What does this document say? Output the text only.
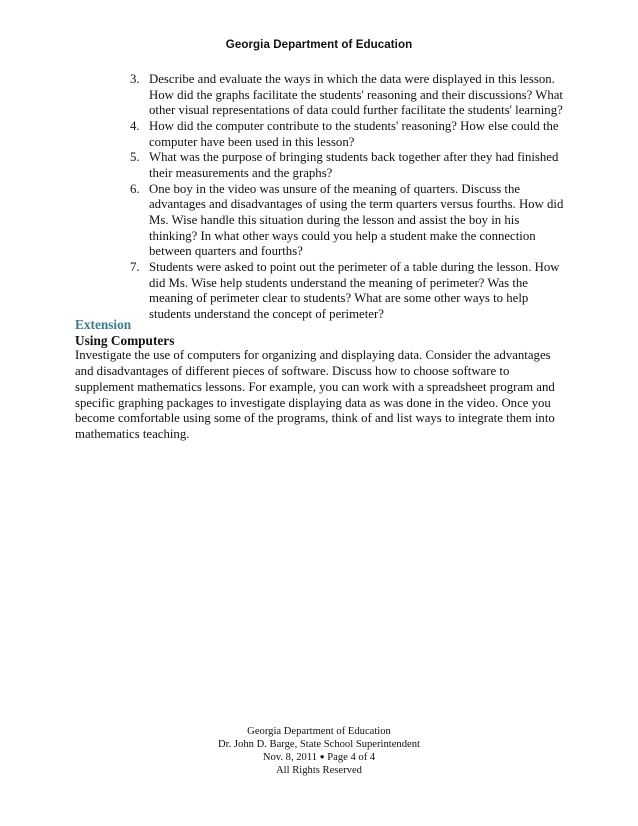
Georgia Department of Education
3. Describe and evaluate the ways in which the data were displayed in this lesson. How did the graphs facilitate the students' reasoning and their discussions? What other visual representations of data could further facilitate the students' learning?
4. How did the computer contribute to the students' reasoning? How else could the computer have been used in this lesson?
5. What was the purpose of bringing students back together after they had finished their measurements and the graphs?
6. One boy in the video was unsure of the meaning of quarters. Discuss the advantages and disadvantages of using the term quarters versus fourths. How did Ms. Wise handle this situation during the lesson and assist the boy in his thinking? In what other ways could you help a student make the connection between quarters and fourths?
7. Students were asked to point out the perimeter of a table during the lesson. How did Ms. Wise help students understand the meaning of perimeter? Was the meaning of perimeter clear to students? What are some other ways to help students understand the concept of perimeter?
Extension
Using Computers

Investigate the use of computers for organizing and displaying data. Consider the advantages and disadvantages of different pieces of software. Discuss how to choose software to supplement mathematics lessons. For example, you can work with a spreadsheet program and specific graphing packages to investigate displaying data as was done in the video. Once you become comfortable using some of the programs, think of and list ways to integrate them into mathematics teaching.

Georgia Department of Education
Dr. John D. Barge, State School Superintendent
Nov. 8, 2011 ● Page 4 of 4
All Rights Reserved
